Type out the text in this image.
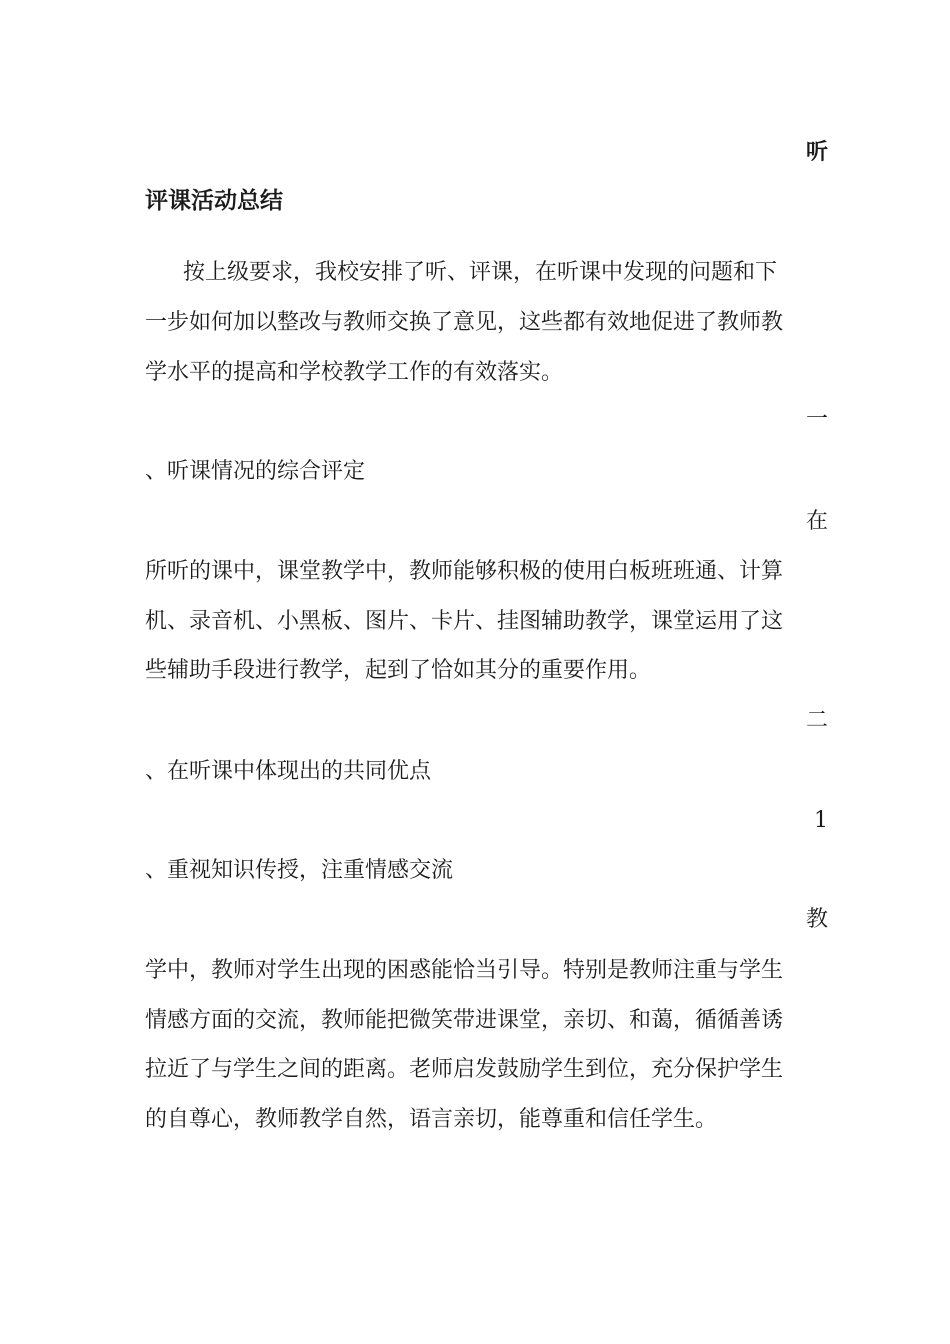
听
评课活动总结
按上级要求，我校安排了听、评课，在听课中发现的问题和下
一步如何加以整改与教师交换了意见，这些都有效地促进了教师教
学水平的提高和学校教学工作的有效落实。
一
、听课情况的综合评定
在
所听的课中，课堂教学中，教师能够积极的使用白板班班通、计算
机、录音机、小黑板、图片、卡片、挂图辅助教学，课堂运用了这
些辅助手段进行教学，起到了恰如其分的重要作用。
二
、在听课中体现出的共同优点
1
、重视知识传授，注重情感交流
教
学中，教师对学生出现的困惑能恰当引导。特别是教师注重与学生
情感方面的交流，教师能把微笑带进课堂，亲切、和蔼，循循善诱
拉近了与学生之间的距离。老师启发鼓励学生到位，充分保护学生
的自尊心，教师教学自然，语言亲切，能尊重和信任学生。
